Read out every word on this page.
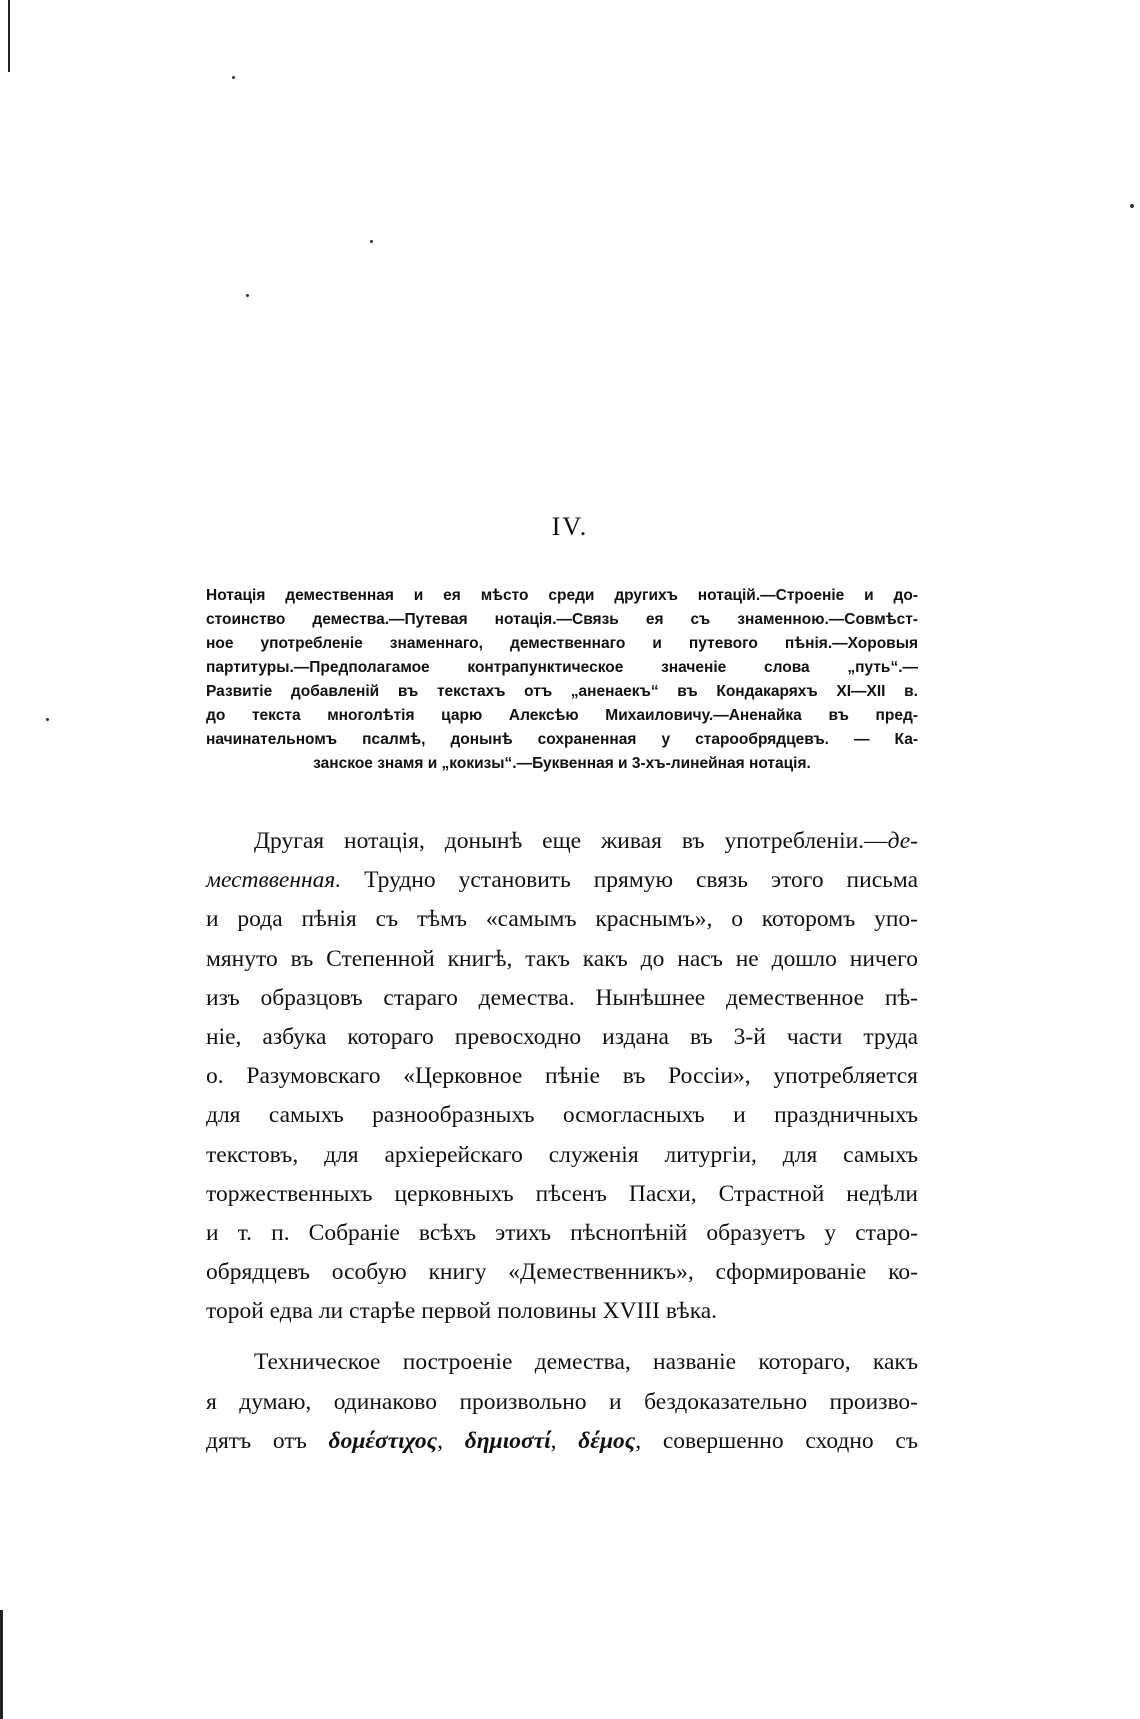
IV.
Нотація демественная и ея мѣсто среди другихъ нотацій.—Строеніе и до-
стоинство демества.—Путевая нотація.—Связь ея съ знаменною.—Совмѣст-
ное употребленіе знаменнаго, демественнаго и путевого пѣнія.—Хоровыя
партитуры.—Предполагамое контрапунктическое значеніе слова „путь“.—
Развитіе добавленій въ текстахъ отъ „аненаекъ“ въ Кондакаряхъ XI—XII в.
до текста многолѣтія царю Алексѣю Михаиловичу.—Аненайка въ пред-
начинательномъ псалмѣ, донынѣ сохраненная у старообрядцевъ. — Ка-
занское знамя и „кокизы“.—Буквенная и 3-хъ-линейная нотація.
Другая нотація, донынѣ еще живая въ употребленіи.—де-
местввенная. Трудно установить прямую связь этого письма
и рода пѣнія съ тѣмъ «самымъ краснымъ», о которомъ упо-
мянуто въ Степенной книгѣ, такъ какъ до насъ не дошло ничего
изъ образцовъ стараго демества. Нынѣшнее демественное пѣ-
ніе, азбука котораго превосходно издана въ 3-й части труда
о. Разумовскаго «Церковное пѣніе въ Россіи», употребляется
для самыхъ разнообразныхъ осмогласныхъ и праздничныхъ
текстовъ, для архіерейскаго служенія литургіи, для самыхъ
торжественныхъ церковныхъ пѣсенъ Пасхи, Страстной недѣли
и т. п. Собраніе всѣхъ этихъ пѣснопѣній образуетъ у старо-
обрядцевъ особую книгу «Демественникъ», сформированіе ко-
торой едва ли старѣе первой половины XVIII вѣка.
Техническое построеніе демества, названіе котораго, какъ
я думаю, одинаково произвольно и бездоказательно произво-
дятъ отъ δομέστιχος, δημιοστί, δέμος, совершенно сходно съ
